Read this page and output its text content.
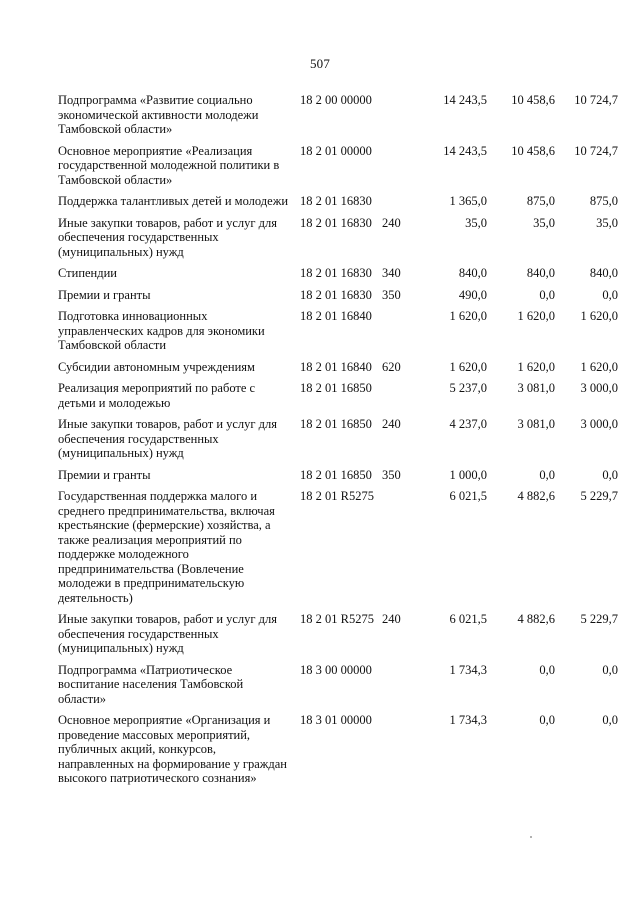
507
Подпрограмма «Развитие социально экономической активности молодежи Тамбовской области»	18 2 00 00000		14 243,5	10 458,6	10 724,7
Основное мероприятие «Реализация государственной молодежной политики в Тамбовской области»	18 2 01 00000		14 243,5	10 458,6	10 724,7
Поддержка талантливых детей и молодежи	18 2 01 16830		1 365,0	875,0	875,0
Иные закупки товаров, работ и услуг для обеспечения государственных (муниципальных) нужд	18 2 01 16830	240	35,0	35,0	35,0
Стипендии	18 2 01 16830	340	840,0	840,0	840,0
Премии и гранты	18 2 01 16830	350	490,0	0,0	0,0
Подготовка инновационных управленческих кадров для экономики Тамбовской области	18 2 01 16840		1 620,0	1 620,0	1 620,0
Субсидии автономным учреждениям	18 2 01 16840	620	1 620,0	1 620,0	1 620,0
Реализация мероприятий по работе с детьми и молодежью	18 2 01 16850		5 237,0	3 081,0	3 000,0
Иные закупки товаров, работ и услуг для обеспечения государственных (муниципальных) нужд	18 2 01 16850	240	4 237,0	3 081,0	3 000,0
Премии и гранты	18 2 01 16850	350	1 000,0	0,0	0,0
Государственная поддержка малого и среднего предпринимательства, включая крестьянские (фермерские) хозяйства, а также реализация мероприятий по поддержке молодежного предпринимательства (Вовлечение молодежи в предпринимательскую деятельность)	18 2 01 R5275		6 021,5	4 882,6	5 229,7
Иные закупки товаров, работ и услуг для обеспечения государственных (муниципальных) нужд	18 2 01 R5275	240	6 021,5	4 882,6	5 229,7
Подпрограмма «Патриотическое воспитание населения Тамбовской области»	18 3 00 00000		1 734,3	0,0	0,0
Основное мероприятие «Организация и проведение массовых мероприятий, публичных акций, конкурсов, направленных на формирование у граждан высокого патриотического сознания»	18 3 01 00000		1 734,3	0,0	0,0
